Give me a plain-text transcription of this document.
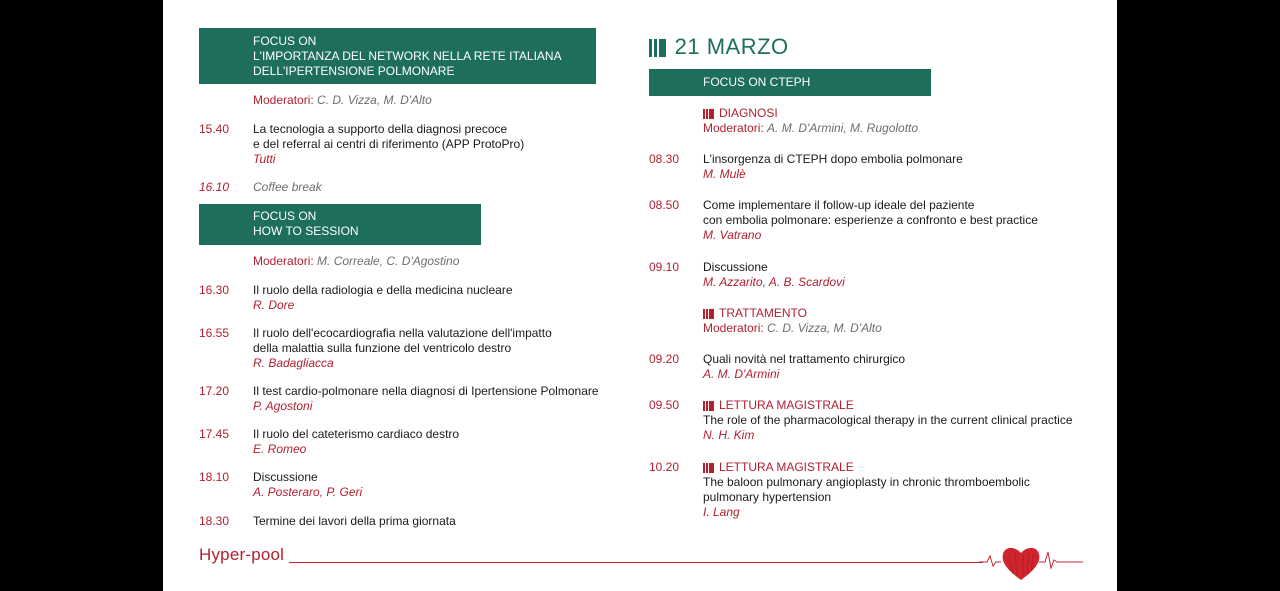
FOCUS ON
L'IMPORTANZA DEL NETWORK NELLA RETE ITALIANA
DELL'IPERTENSIONE POLMONARE
Moderatori: C. D. Vizza, M. D'Alto
15.40 La tecnologia a supporto della diagnosi precoce
e del referral ai centri di riferimento (APP ProtoPro)
Tutti
16.10 Coffee break
FOCUS ON
HOW TO SESSION
Moderatori: M. Correale, C. D'Agostino
16.30 Il ruolo della radiologia e della medicina nucleare
R. Dore
16.55 Il ruolo dell'ecocardiografia nella valutazione dell'impatto
della malattia sulla funzione del ventricolo destro
R. Badagliacca
17.20 Il test cardio-polmonare nella diagnosi di Ipertensione Polmonare
P. Agostoni
17.45 Il ruolo del cateterismo cardiaco destro
E. Romeo
18.10 Discussione
A. Posteraro, P. Geri
18.30 Termine dei lavori della prima giornata
21 MARZO
FOCUS ON CTEPH
DIAGNOSI
Moderatori: A. M. D'Armini, M. Rugolotto
08.30 L'insorgenza di CTEPH dopo embolia polmonare
M. Mulè
08.50 Come implementare il follow-up ideale del paziente
con embolia polmonare: esperienze a confronto e best practice
M. Vatrano
09.10 Discussione
M. Azzarito, A. B. Scardovi
TRATTAMENTO
Moderatori: C. D. Vizza, M. D'Alto
09.20 Quali novità nel trattamento chirurgico
A. M. D'Armini
09.50	LETTURA MAGISTRALE
The role of the pharmacological therapy in the current clinical practice
N. H. Kim
10.20	LETTURA MAGISTRALE
The baloon pulmonary angioplasty in chronic thromboembolic
pulmonary hypertension
I. Lang
Hyper-pool
